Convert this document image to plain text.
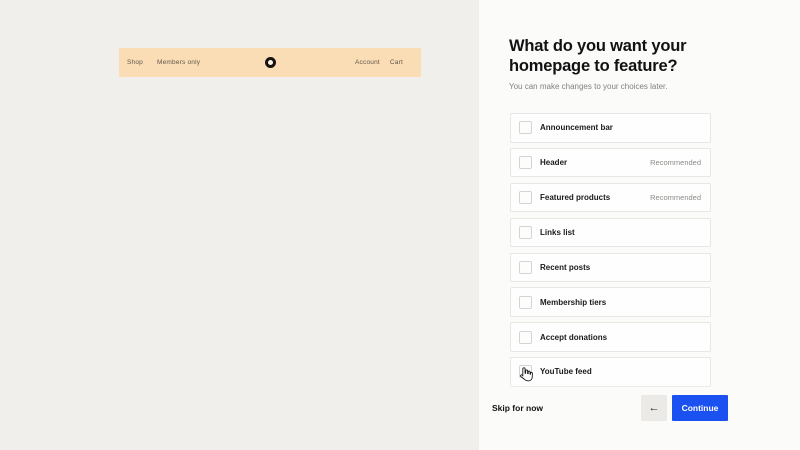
Shop Members only	Account Cart
What do you want your homepage to feature?

You can make changes to your choices later.

Announcement bar
Header	Recommended
Featured products	Recommended
Links list
Recent posts
Membership tiers
Accept donations
YouTube feed
Skip for now	←	Continue
